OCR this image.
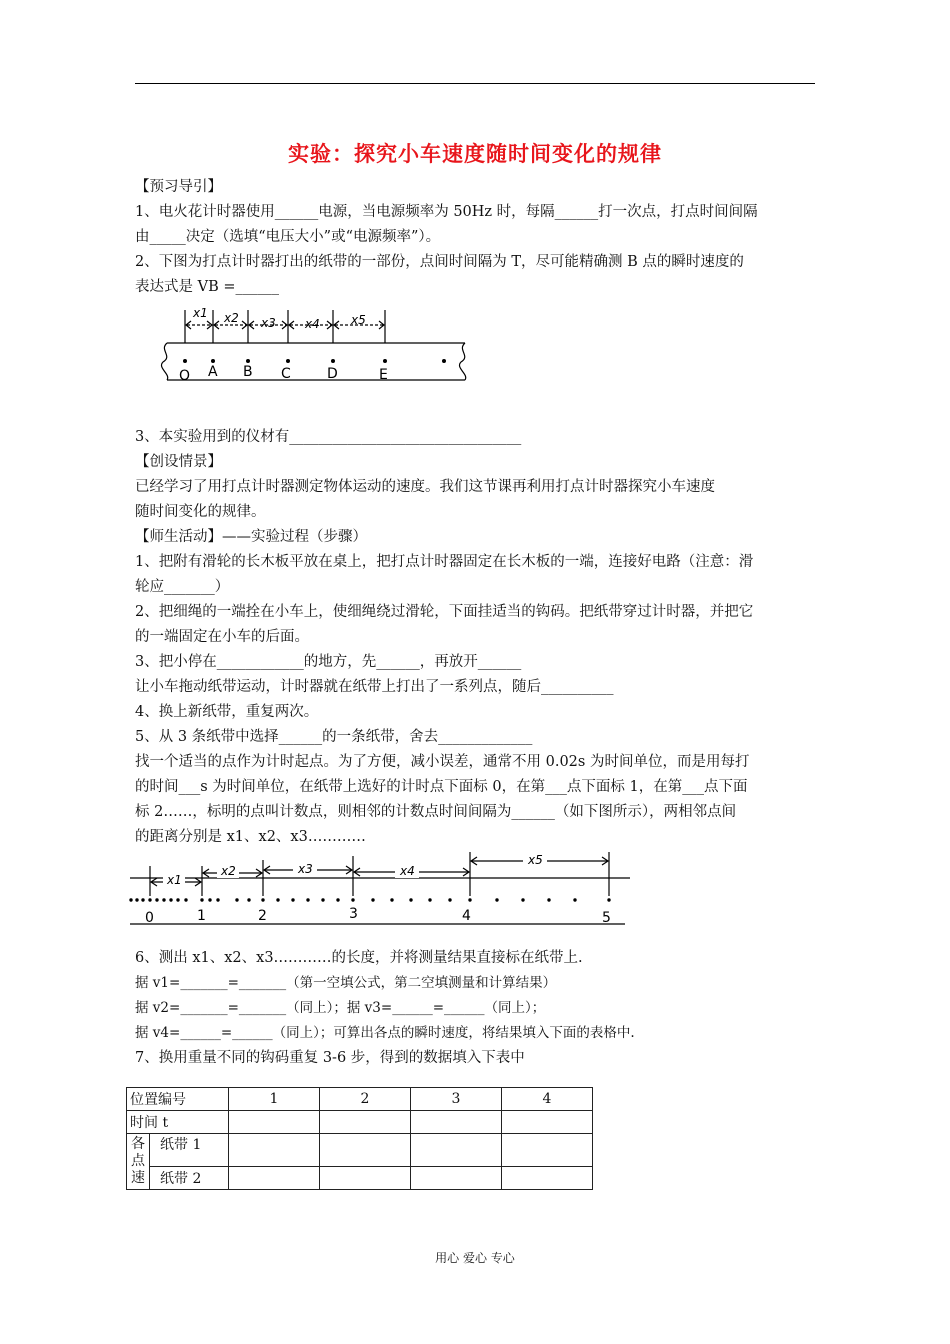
实验：探究小车速度随时间变化的规律
【预习导引】
1、电火花计时器使用______电源，当电源频率为 50Hz 时，每隔______打一次点，打点时间间隔
由_____决定（选填“电压大小”或“电源频率”）。
2、下图为打点计时器打出的纸带的一部份，点间时间隔为 T，尽可能精确测 B 点的瞬时速度的
表达式是 VB =______
x1 x2 x3 x4	x5
O A B C	D	E
3、本实验用到的仪材有________________________________
【创设情景】
已经学习了用打点计时器测定物体运动的速度。我们这节课再利用打点计时器探究小车速度
随时间变化的规律。
【师生活动】——实验过程（步骤）
1、把附有滑轮的长木板平放在桌上，把打点计时器固定在长木板的一端，连接好电路（注意：滑
轮应_______）
2、把细绳的一端拴在小车上，使细绳绕过滑轮，下面挂适当的钩码。把纸带穿过计时器，并把它
的一端固定在小车的后面。
3、把小停在____________的地方，先______，再放开______
让小车拖动纸带运动，计时器就在纸带上打出了一系列点，随后__________
4、换上新纸带，重复两次。
5、从 3 条纸带中选择______的一条纸带，舍去_____________
找一个适当的点作为计时起点。为了方便，减小误差，通常不用 0.02s 为时间单位，而是用每打
的时间___s 为时间单位，在纸带上选好的计时点下面标 0，在第___点下面标 1，在第___点下面
标 2……，标明的点叫计数点，则相邻的计数点时间间隔为______（如下图所示），两相邻点间
的距离分别是 x1、x2、x3…………
x1
x2	x3	x4
x5
0	1	2	3	4	5
6、测出 x1、x2、x3…………的长度，并将测量结果直接标在纸带上.
据 v1=_______=_______（第一空填公式，第二空填测量和计算结果）
据 v2=_______=_______（同上）；据 v3=______=______（同上）；
据 v4=______=______（同上）；可算出各点的瞬时速度，将结果填入下面的表格中.
7、换用重量不同的钩码重复 3-6 步，得到的数据填入下表中
位置编号		1	2	3	4
时间 t					
各
点
速	纸带 1				
	纸带 2				
用心 爱心 专心
